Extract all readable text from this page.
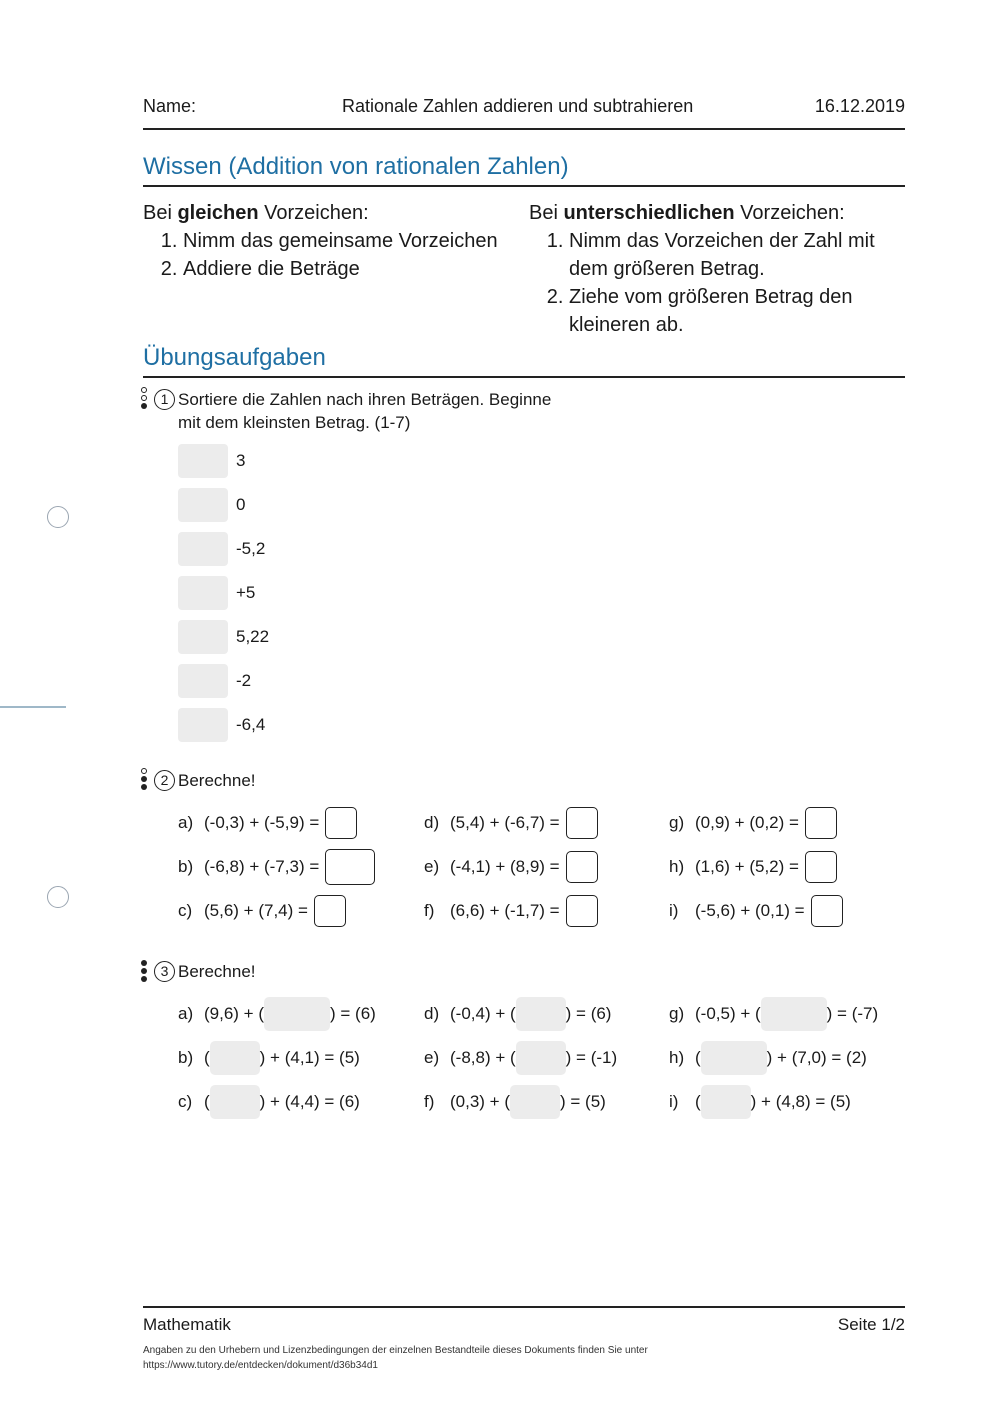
Name:	Rationale Zahlen addieren und subtrahieren	16.12.2019
Wissen (Addition von rationalen Zahlen)
Bei gleichen Vorzeichen:
1. Nimm das gemeinsame Vorzeichen
2. Addiere die Beträge
Bei unterschiedlichen Vorzeichen:
1. Nimm das Vorzeichen der Zahl mit dem größeren Betrag.
2. Ziehe vom größeren Betrag den kleineren ab.
Übungsaufgaben
1 Sortiere die Zahlen nach ihren Beträgen. Beginne
mit dem kleinsten Betrag. (1-7)
3
0
-5,2
+5
5,22
-2
-6,4
2 Berechne!
a) (-0,3) + (-5,9) =
b) (-6,8) + (-7,3) =
c) (5,6) + (7,4) =
d) (5,4) + (-6,7) =
e) (-4,1) + (8,9) =
f) (6,6) + (-1,7) =
g) (0,9) + (0,2) =
h) (1,6) + (5,2) =
i) (-5,6) + (0,1) =
3 Berechne!
a) (9,6) + (	) = (6)
b) (	) + (4,1) = (5)
c) (	) + (4,4) = (6)
d) (-0,4) + (	) = (6)
e) (-8,8) + (	) = (-1)
f) (0,3) + (	) = (5)
g) (-0,5) + (	) = (-7)
h) (	) + (7,0) = (2)
i) (	) + (4,8) = (5)
Mathematik	Seite 1/2
Angaben zu den Urhebern und Lizenzbedingungen der einzelnen Bestandteile dieses Dokuments finden Sie unter
https://www.tutory.de/entdecken/dokument/d36b34d1
